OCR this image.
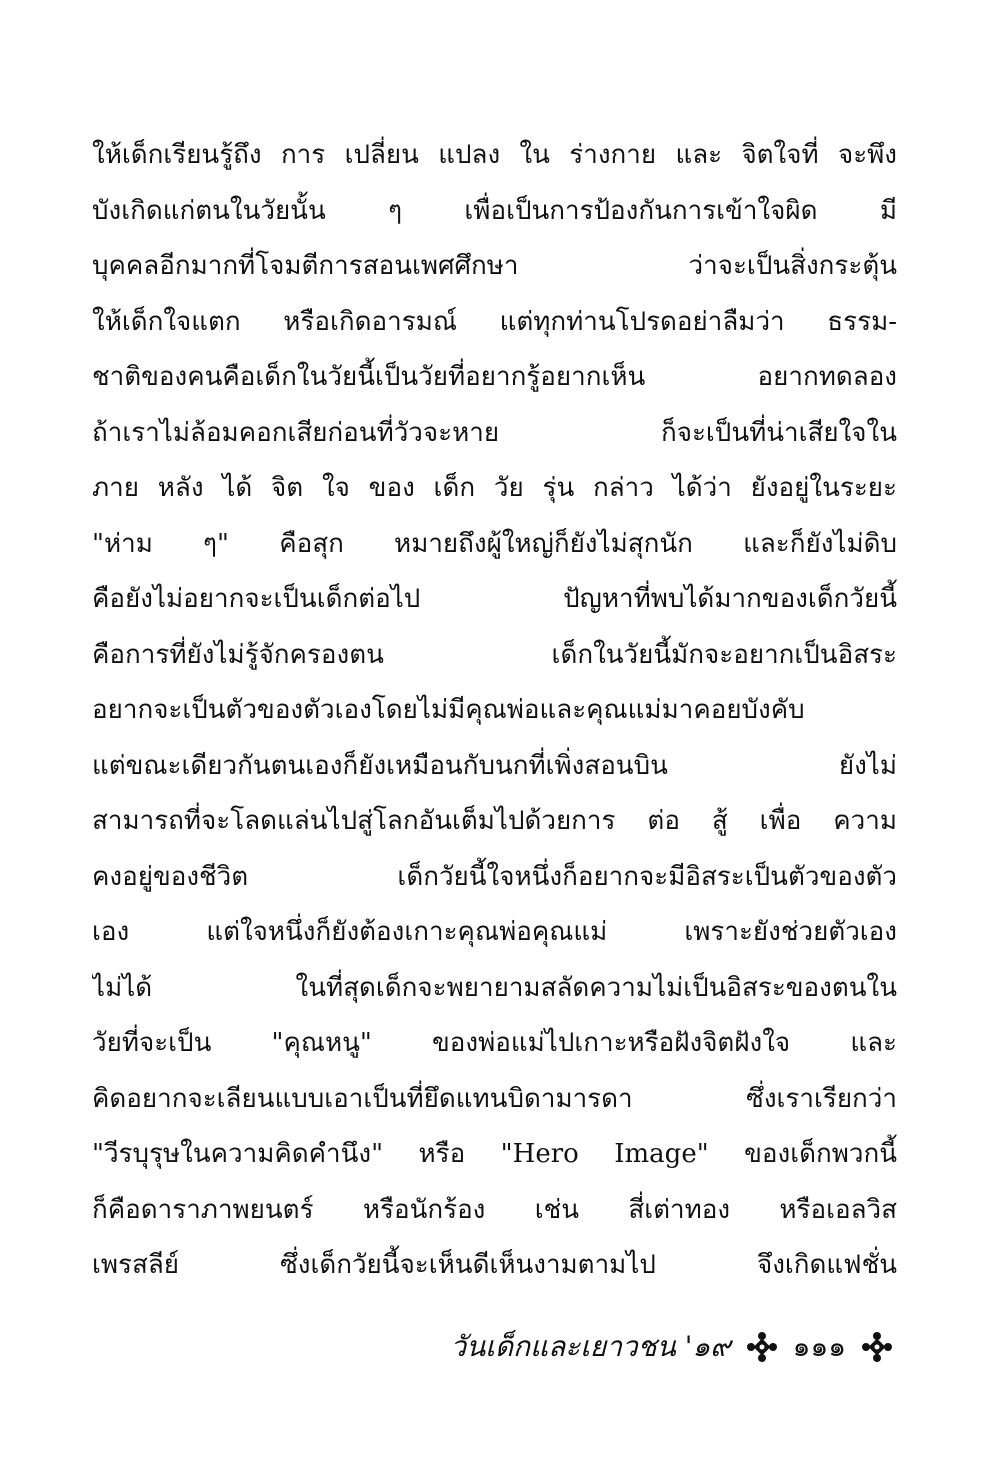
ให้เด็กเรียนรู้ถึง การ เปลี่ยน แปลง ใน ร่างกาย และ จิตใจที่ จะพึง
บังเกิดแก่ตนในวัยนั้น ๆ เพื่อเป็นการป้องกันการเข้าใจผิด มี
บุคคลอีกมากที่โจมตีการสอนเพศศึกษา ว่าจะเป็นสิ่งกระตุ้น
ให้เด็กใจแตก หรือเกิดอารมณ์ แต่ทุกท่านโปรดอย่าลืมว่า ธรรม-
ชาติของคนคือเด็กในวัยนี้เป็นวัยที่อยากรู้อยากเห็น อยากทดลอง
ถ้าเราไม่ล้อมคอกเสียก่อนที่วัวจะหาย ก็จะเป็นที่น่าเสียใจใน
ภาย หลัง ได้ จิต ใจ ของ เด็ก วัย รุ่น กล่าว ได้ว่า ยังอยู่ในระยะ
"ห่าม ๆ" คือสุก หมายถึงผู้ใหญ่ก็ยังไม่สุกนัก และก็ยังไม่ดิบ
คือยังไม่อยากจะเป็นเด็กต่อไป ปัญหาที่พบได้มากของเด็กวัยนี้
คือการที่ยังไม่รู้จักครองตน เด็กในวัยนี้มักจะอยากเป็นอิสระ
อยากจะเป็นตัวของตัวเองโดยไม่มีคุณพ่อและคุณแม่มาคอยบังคับ
แต่ขณะเดียวกันตนเองก็ยังเหมือนกับนกที่เพิ่งสอนบิน ยังไม่
สามารถที่จะโลดแล่นไปสู่โลกอันเต็มไปด้วยการ ต่อ สู้ เพื่อ ความ
คงอยู่ของชีวิต เด็กวัยนี้ใจหนึ่งก็อยากจะมีอิสระเป็นตัวของตัว
เอง แต่ใจหนึ่งก็ยังต้องเกาะคุณพ่อคุณแม่ เพราะยังช่วยตัวเอง
ไม่ได้ ในที่สุดเด็กจะพยายามสลัดความไม่เป็นอิสระของตนใน
วัยที่จะเป็น "คุณหนู" ของพ่อแม่ไปเกาะหรือฝังจิตฝังใจ และ
คิดอยากจะเลียนแบบเอาเป็นที่ยึดแทนบิดามารดา ซึ่งเราเรียกว่า
"วีรบุรุษในความคิดคำนึง" หรือ "Hero Image" ของเด็กพวกนี้
ก็คือดาราภาพยนตร์ หรือนักร้อง เช่น สี่เต่าทอง หรือเอลวิส
เพรสลีย์ ซึ่งเด็กวัยนี้จะเห็นดีเห็นงามตามไป จึงเกิดแฟชั่น
วันเด็กและเยาวชน '๑๙ ๑๑๑
